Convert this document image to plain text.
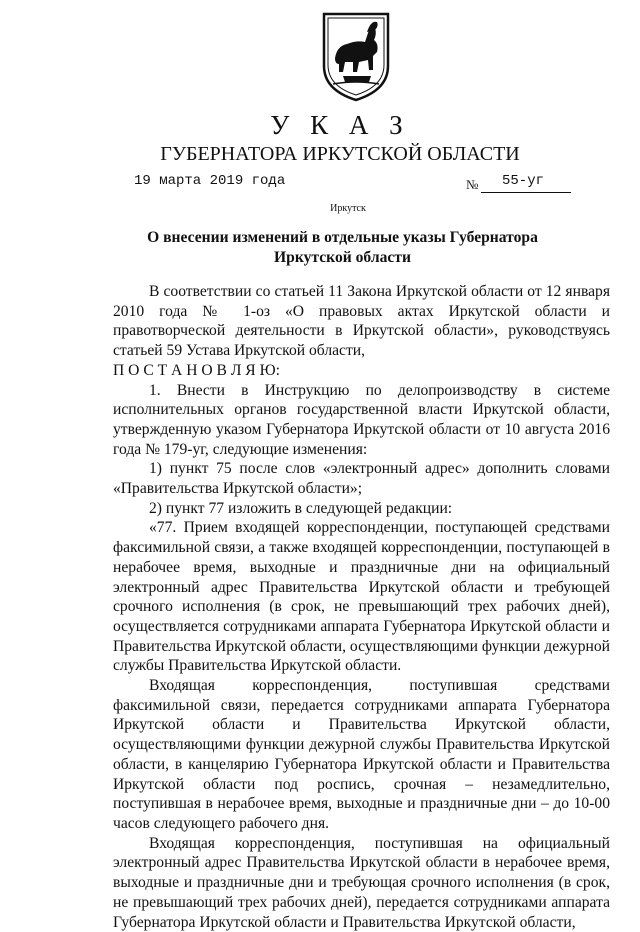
У К А З
ГУБЕРНАТОРА ИРКУТСКОЙ ОБЛАСТИ
19 марта 2019 года	№ 55-уг
Иркутск
О внесении изменений в отдельные указы Губернатора Иркутской области

В соответствии со статьей 11 Закона Иркутской области от 12 января 2010 года № 1-оз «О правовых актах Иркутской области и правотворческой деятельности в Иркутской области», руководствуясь статьей 59 Устава Иркутской области,

П О С Т А Н О В Л Я Ю:

1. Внести в Инструкцию по делопроизводству в системе исполнительных органов государственной власти Иркутской области, утвержденную указом Губернатора Иркутской области от 10 августа 2016 года № 179-уг, следующие изменения:

1) пункт 75 после слов «электронный адрес» дополнить словами «Правительства Иркутской области»;

2) пункт 77 изложить в следующей редакции:

«77. Прием входящей корреспонденции, поступающей средствами факсимильной связи, а также входящей корреспонденции, поступающей в нерабочее время, выходные и праздничные дни на официальный электронный адрес Правительства Иркутской области и требующей срочного исполнения (в срок, не превышающий трех рабочих дней), осуществляется сотрудниками аппарата Губернатора Иркутской области и Правительства Иркутской области, осуществляющими функции дежурной службы Правительства Иркутской области.

Входящая корреспонденция, поступившая средствами факсимильной связи, передается сотрудниками аппарата Губернатора Иркутской области и Правительства Иркутской области, осуществляющими функции дежурной службы Правительства Иркутской области, в канцелярию Губернатора Иркутской области и Правительства Иркутской области под роспись, срочная – незамедлительно, поступившая в нерабочее время, выходные и праздничные дни – до 10-00 часов следующего рабочего дня.

Входящая корреспонденция, поступившая на официальный электронный адрес Правительства Иркутской области в нерабочее время, выходные и праздничные дни и требующая срочного исполнения (в срок, не превышающий трех рабочих дней), передается сотрудниками аппарата Губернатора Иркутской области и Правительства Иркутской области,
